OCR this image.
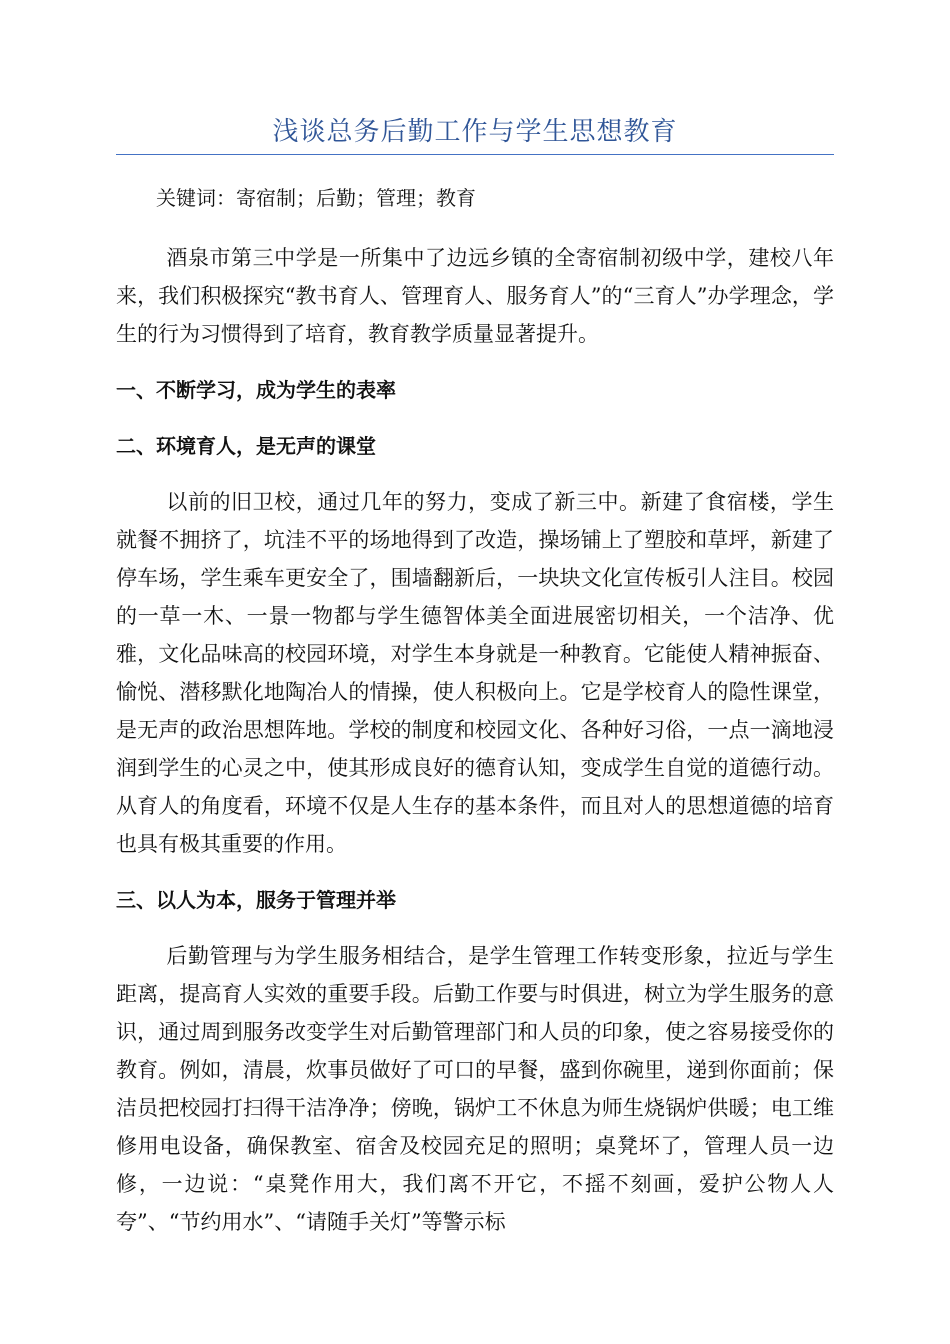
浅谈总务后勤工作与学生思想教育

关键词：寄宿制；后勤；管理；教育

酒泉市第三中学是一所集中了边远乡镇的全寄宿制初级中学，建校八年来，我们积极探究“教书育人、管理育人、服务育人”的“三育人”办学理念，学生的行为习惯得到了培育，教育教学质量显著提升。

一、不断学习，成为学生的表率

二、环境育人，是无声的课堂

以前的旧卫校，通过几年的努力，变成了新三中。新建了食宿楼，学生就餐不拥挤了，坑洼不平的场地得到了改造，操场铺上了塑胶和草坪，新建了停车场，学生乘车更安全了，围墙翻新后，一块块文化宣传板引人注目。校园的一草一木、一景一物都与学生德智体美全面进展密切相关，一个洁净、优雅，文化品味高的校园环境，对学生本身就是一种教育。它能使人精神振奋、愉悦、潜移默化地陶冶人的情操，使人积极向上。它是学校育人的隐性课堂，是无声的政治思想阵地。学校的制度和校园文化、各种好习俗，一点一滴地浸润到学生的心灵之中，使其形成良好的德育认知，变成学生自觉的道德行动。从育人的角度看，环境不仅是人生存的基本条件，而且对人的思想道德的培育也具有极其重要的作用。

三、以人为本，服务于管理并举

后勤管理与为学生服务相结合，是学生管理工作转变形象，拉近与学生距离，提高育人实效的重要手段。后勤工作要与时俱进，树立为学生服务的意识，通过周到服务改变学生对后勤管理部门和人员的印象，使之容易接受你的教育。例如，清晨，炊事员做好了可口的早餐，盛到你碗里，递到你面前；保洁员把校园打扫得干洁净净；傍晚，锅炉工不休息为师生烧锅炉供暖；电工维修用电设备，确保教室、宿舍及校园充足的照明；桌凳坏了，管理人员一边修，一边说：“桌凳作用大，我们离不开它，不摇不刻画，爱护公物人人夸”、“节约用水”、“请随手关灯”等警示标
